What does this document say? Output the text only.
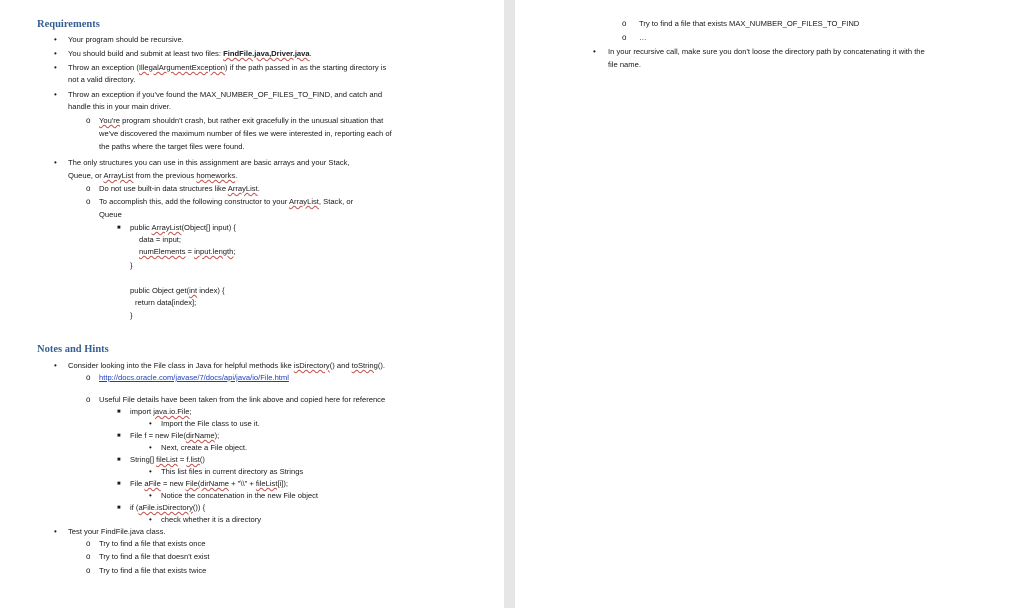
Requirements
• Your program should be recursive.
• You should build and submit at least two files: FindFile.java,Driver.java.
• Throw an exception (IllegalArgumentException) if the path passed in as the starting directory is
not a valid directory.
• Throw an exception if you've found the MAX_NUMBER_OF_FILES_TO_FIND, and catch and
handle this in your main driver.
o You're program shouldn't crash, but rather exit gracefully in the unusual situation that
we've discovered the maximum number of files we were interested in, reporting each of
the paths where the target files were found.
• The only structures you can use in this assignment are basic arrays and your Stack,
Queue, or ArrayList from the previous homeworks.
o Do not use built-in data structures like ArrayList.
o To accomplish this, add the following constructor to your ArrayList, Stack, or
Queue
■ public ArrayList(Object[] input) {
data = input;
numElements = input.length;
}
public Object get(int index) {
return data[index];
}
Notes and Hints
• Consider looking into the File class in Java for helpful methods like isDirectory() and toString().
o http://docs.oracle.com/javase/7/docs/api/java/io/File.html
o Useful File details have been taken from the link above and copied here for reference
■ import java.io.File;
• Import the File class to use it.
■ File f = new File(dirName);
• Next, create a File object.
■ String[] fileList = f.list()
• This list files in current directory as Strings
■ File aFile = new File(dirName + "\\" + fileList[i]);
• Notice the concatenation in the new File object
■ if (aFile.isDirectory()) {
• check whether it is a directory
• Test your FindFile.java class.
o Try to find a file that exists once
o Try to find a file that doesn't exist
o Try to find a file that exists twice
o Try to find a file that exists MAX_NUMBER_OF_FILES_TO_FIND
o …
• In your recursive call, make sure you don't loose the directory path by concatenating it with the
file name.
